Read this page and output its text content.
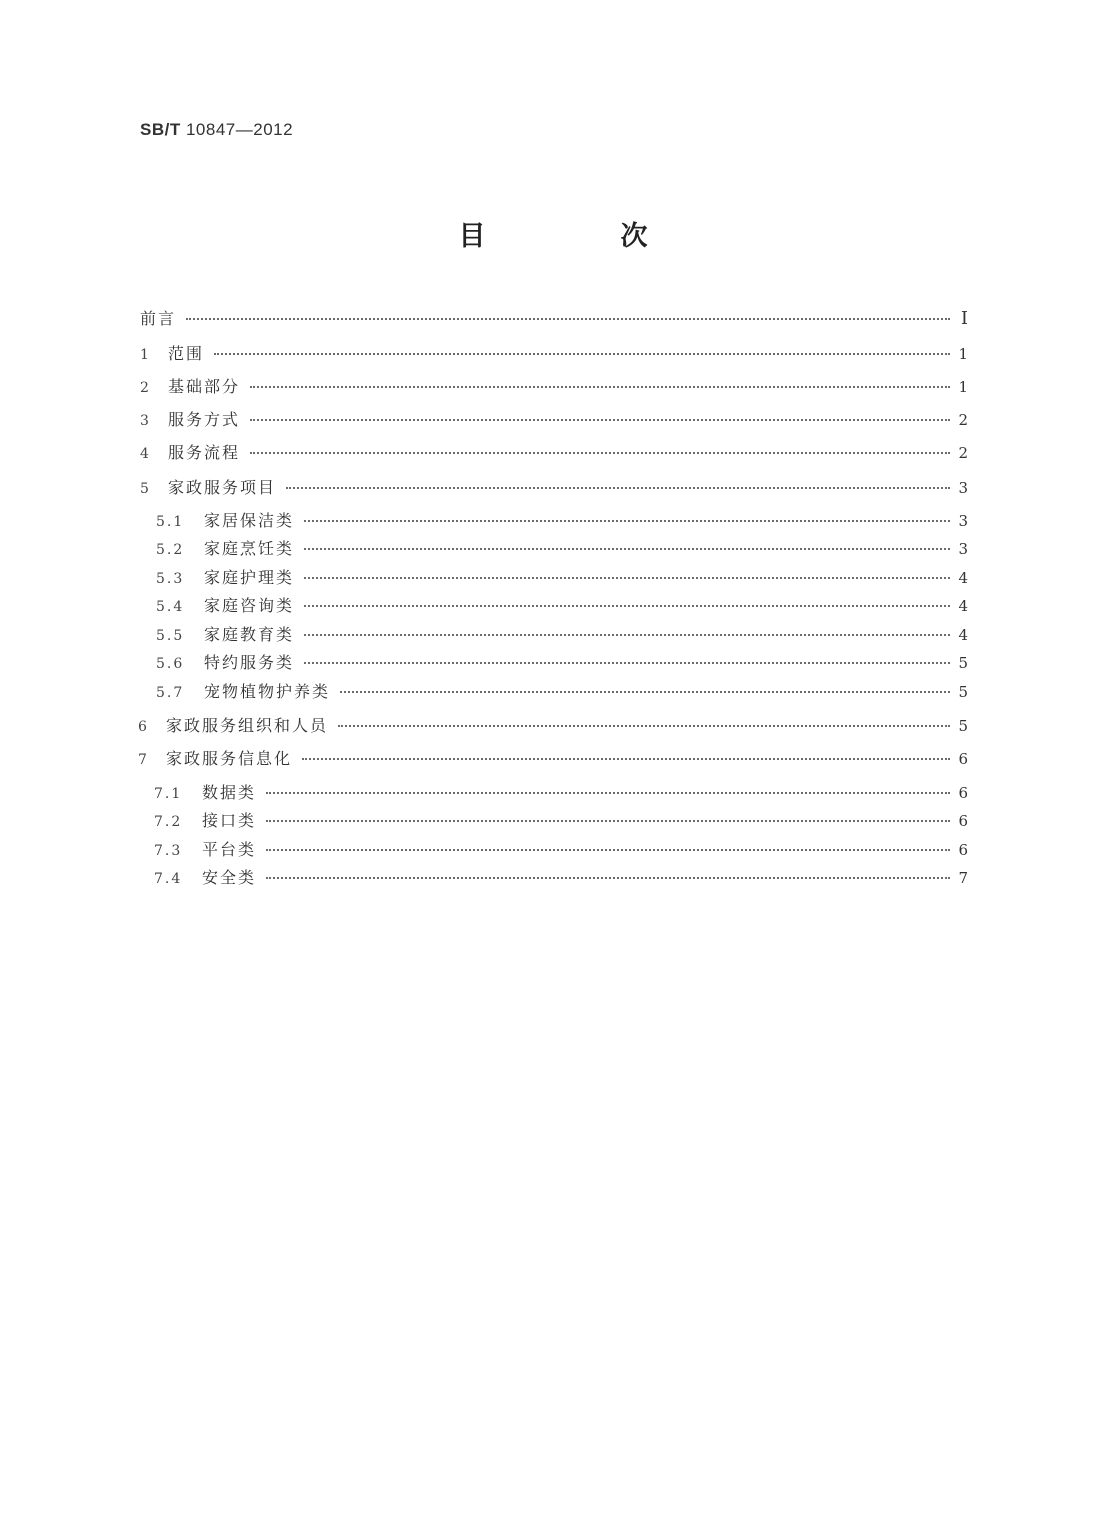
SB/T 10847—2012
目　次
前言	Ⅰ
1	范围	1
2	基础部分	1
3	服务方式	2
4	服务流程	2
5	家政服务项目	3
5.1	家居保洁类	3
5.2	家庭烹饪类	3
5.3	家庭护理类	4
5.4	家庭咨询类	4
5.5	家庭教育类	4
5.6	特约服务类	5
5.7	宠物植物护养类	5
6	家政服务组织和人员	5
7	家政服务信息化	6
7.1	数据类	6
7.2	接口类	6
7.3	平台类	6
7.4	安全类	7
